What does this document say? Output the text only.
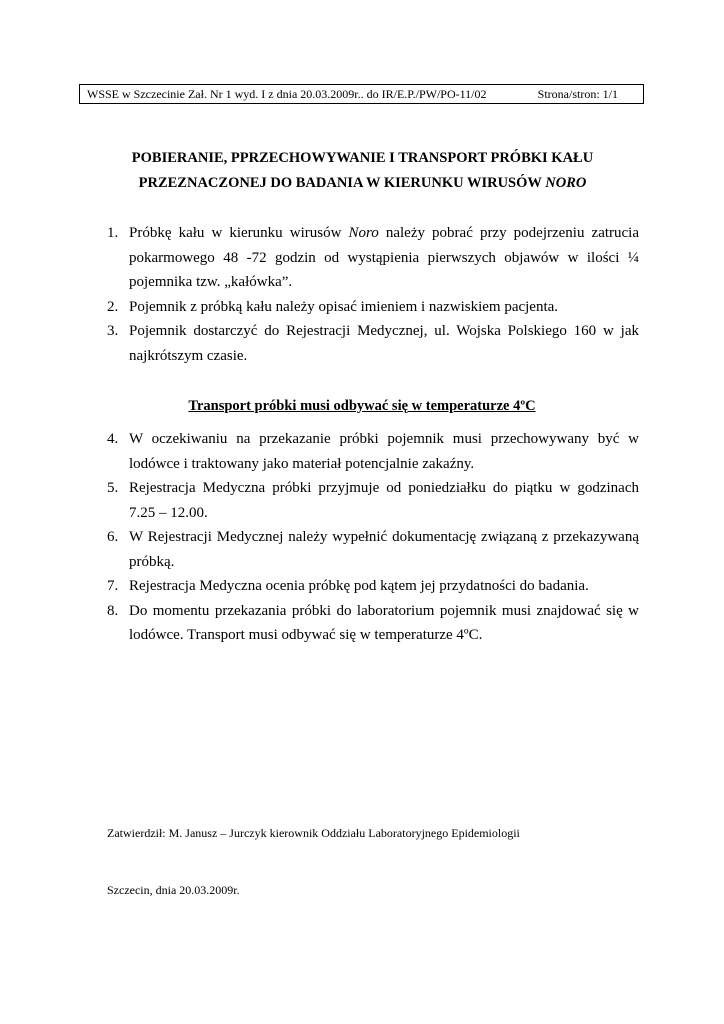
WSSE w Szczecinie Zał. Nr 1 wyd. I z dnia 20.03.2009r.. do IR/E.P./PW/PO-11/02	Strona/stron: 1/1
POBIERANIE, PPRZECHOWYWANIE I TRANSPORT PRÓBKI KAŁU
PRZEZNACZONEJ DO BADANIA W KIERUNKU WIRUSÓW NORO
1. Próbkę kału w kierunku wirusów Noro należy pobrać przy podejrzeniu zatrucia pokarmowego 48 -72 godzin od wystąpienia pierwszych objawów w ilości ¼ pojemnika tzw. „kałówka”.
2. Pojemnik z próbką kału należy opisać imieniem i nazwiskiem pacjenta.
3. Pojemnik dostarczyć do Rejestracji Medycznej, ul. Wojska Polskiego 160 w jak najkrótszym czasie.
Transport próbki musi odbywać się w temperaturze 4ºC
4. W oczekiwaniu na przekazanie próbki pojemnik musi przechowywany być w lodówce i traktowany jako materiał potencjalnie zakaźny.
5. Rejestracja Medyczna próbki przyjmuje od poniedziałku do piątku w godzinach 7.25 – 12.00.
6. W Rejestracji Medycznej należy wypełnić dokumentację związaną z przekazywaną próbką.
7. Rejestracja Medyczna ocenia próbkę pod kątem jej przydatności do badania.
8. Do momentu przekazania próbki do laboratorium pojemnik musi znajdować się w lodówce. Transport musi odbywać się w temperaturze 4ºC.
Zatwierdził: M. Janusz – Jurczyk kierownik Oddziału Laboratoryjnego Epidemiologii
Szczecin, dnia 20.03.2009r.
